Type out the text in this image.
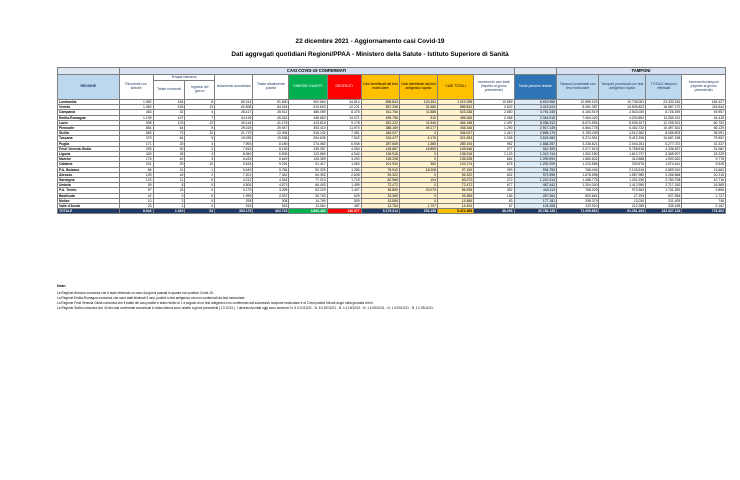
22 dicembre 2021 - Aggiornamento casi Covid-19
Dati aggregati quotidiani Regioni/PPAA - Ministero della Salute - Istituto Superiore di Sanità
	CASI COVID-19 CONFERMATI												TAMPONI			
REGIONE	Ricoverati con sintomi	Terapia intensiva		Isolamento domiciliare	Totale attualmente positivi	DIMESSI/ GUARITI	DECEDUTI	Casi identificati dal test molecolare	Casi identificati dal test antigenico rapido	CASI TOTALI	Incremento casi totali (rispetto al giorno precedente)	Totale persone testate	Tamponi processati con test molecolare	Tamponi processati con test antigenico rapido	TOTALE tamponi effettuati	Incremento tamponi (rispetto al giorno precedente)
		Totale ricoverati	Ingressi del giorno													
Lombardia	1.352	164	6	80.314	81.830	902.654	34.814	898.844	120.454	1.019.298	10.569	6.519.966	12.595.193	10.736.051	23.333.244	182.427
Veneto	1.060	153	13	62.808	64.018	513.603	12.221	557.336	32.486	589.842	4.522	2.413.224	8.081.387	10.505.823	18.587.170	118.544
Campania	463	32	4	28.417	28.912	486.059	8.375	511.756	11.588	523.338	2.650	3.791.245	6.183.919	2.543.020	8.726.939	49.957
Emilia-Romagna	1.109	107	7	44.126	45.342	436.653	14.071	495.756	510	496.266	2.068	2.344.515	7.064.420	4.204.892	11.269.312	44.415
Lazio	908	123	12	40.144	41.175	413.815	9.178	452.222	11.946	464.168	2.497	5.036.312	6.670.594	5.535.327	12.205.921	60.704
Piemonte	854	64	9	29.029	29.947	393.410	11.970	386.169	49.177	435.346	1.290	2.917.149	4.664.778	6.452.732	10.497.510	65.129
Sicilia	563	73	10	21.770	22.406	316.242	7.381	346.027	0	346.027	1.410	2.898.179	3.783.439	4.012.362	8.055.803	35.091
Toscana	379	64	5	19.099	19.538	294.635	7.502	315.477	6.176	321.653	2.008	3.524.060	5.274.951	5.412.206	10.687.158	79.902
Puglia	171	25	4	7.993	8.189	274.060	6.945	287.609	1.585	289.194	952	1.668.257	3.236.821	2.040.251	5.277.072	31.337
Friuli Venezia Giulia	293	30	2	7.816	8.139	135.357	4.054	128.687	18.859	145.546	977	942.305	2.077.619	5.758.818	4.336.837	31.082
Liguria	429	28	4	6.050	6.505	123.869	4.542	136.916	0	136.916	1.129	1.013.744	1.902.180	1.610.737	3.365.907	19.229
Marche	176	40	3	6.433	6.649	125.359	3.200	135.208	0	135.208	664	1.099.594	1.580.632	310.888	1.900.520	9.778
Calabria	231	29	10	9.634	9.294	91.417	1.563	101.934	360	102.274	676	1.292.209	1.223.565	330.876	1.574.441	9.528
P.A. Bolzano	86	21	1	5.449	5.754	90.325	1.280	78.942	18.208	97.150	399	534.753	766.434	2.133.516	2.899.910	13.663
Abruzzo	125	16	2	7.201	7.342	84.353	2.628	94.322	0	94.322	632	972.596	1.678.598	1.587.980	3.266.568	20.215
Sardegna	123	11	0	4.212	4.344	77.013	1.715	82.968	104	83.072	272	1.210.313	1.458.778	1.301.930	2.760.708	10.716
Umbria	59	8	0	4.506	4.573	66.400	1.499	72.472	0	72.472	677	487.442	1.204.000	1.412.950	2.717.150	16.969
P.A. Trento	97	23	0	3.179	3.299	52.229	1.407	36.860	20.075	56.935	392	443.113	768.029	973.363	1.741.392	9.896
Basilicata	42	0	0	1.995	2.037	30.703	629	33.369	0	33.369	165	257.262	500.661	27.293	527.954	1.727
Molise	10	2	0	298	308	14.769	509	15.586	0	15.586	83	177.181	298.379	13.030	311.409	748
Valle d'Aosta	23	1	0	919	943	13.064	487	12.784	1.707	14.494	67	104.308	122.910	212.285	335.195	2.162
TOTALE	8.544	1.010	92	393.179	402.723	4.893.463	136.077	5.179.314	293.155	5.472.469	36.293	39.786.135	71.055.683	61.281.494	132.337.126	778.302
Note:
La Regione Abruzzo comunica che è stato eliminato un caso dai giorni passati in quanto non positivo Covid-19.
La Regione Emilia-Romagna comunica che sono stati eliminati 3 casi, positivi a test antigenico ma non confermati da test molecolare.
La Regione Friuli Venezia Giulia comunica che il totale dei casi positivi è stato ridotto di 1 a seguito di un test antigenico non confermato dal successivo tampone molecolare e di 2 test positivi rilevati doppi nella giornata di ieri.
La Regione Sicilia comunica che 40 dei casi confermati comunicati in data odierna sono relativi a giorni precedenti ( 17/12/21 ). I decessi riportati oggi sono avvenuti: N. 5 il 21/12/21 - N. 6 il 20/12/21 - N. 1 il 19/12/21 - N. 1 il 09/12/21 - N. 1 il 02/12/21 - N. 1 il 23/11/21.
